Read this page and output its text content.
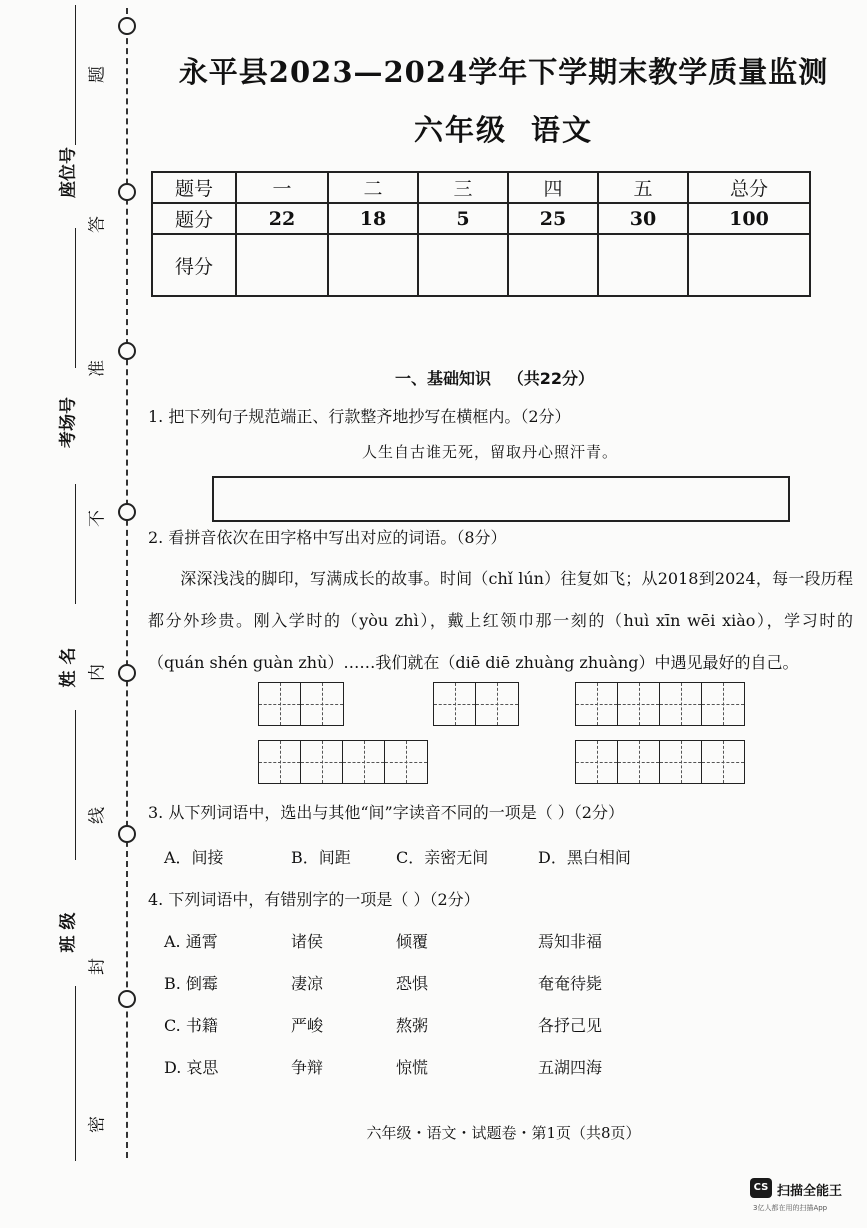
题
答
准
不
内
线
封
密
座位号
考场号
姓 名
班 级
永平县2023—2024学年下学期末教学质量监测
六年级 语文
题号	一	二	三	四	五	总分
题分	22	18	5	25	30	100
得分						
一、基础知识   （共22分）
1. 把下列句子规范端正、行款整齐地抄写在横框内。（2分）
人生自古谁无死，留取丹心照汗青。
2. 看拼音依次在田字格中写出对应的词语。（8分）
深深浅浅的脚印，写满成长的故事。时间（chǐ lún）往复如飞；从2018到2024，每一段历程都分外珍贵。刚入学时的（yòu zhì），戴上红领巾那一刻的（huì xīn wēi xiào），学习时的（quán shén guàn zhù）……我们就在（diē diē zhuàng zhuàng）中遇见最好的自己。
3. 从下列词语中，选出与其他“间”字读音不同的一项是（ ）（2分）
A．间接	B．间距	C．亲密无间	D．黑白相间
4. 下列词语中，有错别字的一项是（ ）（2分）
A. 通霄	诸侯	倾覆	焉知非福
B. 倒霉	凄凉	恐惧	奄奄待毙
C. 书籍	严峻	熬粥	各抒己见
D. 哀思	争辩	惊慌	五湖四海
六年级・语文・试题卷・第1页（共8页）
CS 扫描全能王
3亿人都在用的扫描App
